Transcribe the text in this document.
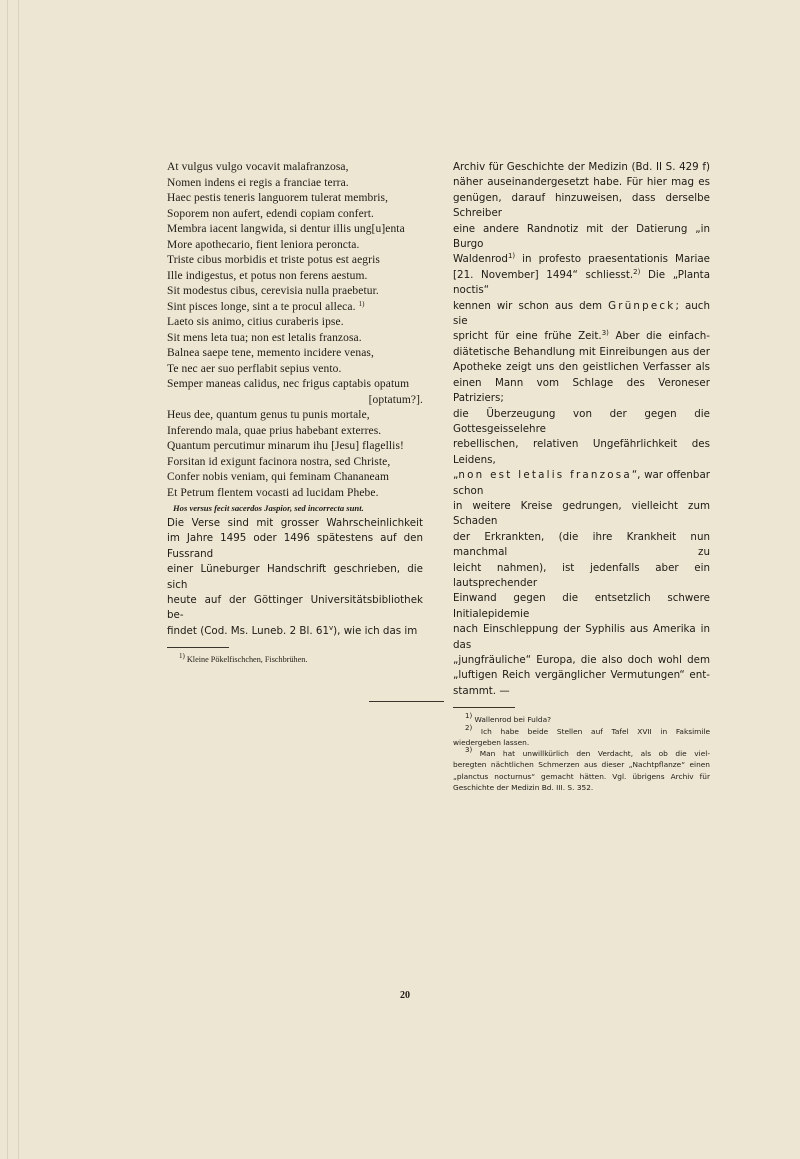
At vulgus vulgo vocavit malafranzosa,
Nomen indens ei regis a franciae terra.
Haec pestis teneris languorem tulerat membris,
Soporem non aufert, edendi copiam confert.
Membra iacent langwida, si dentur illis ung[u]enta
More apothecario, fient leniora peroncta.
Triste cibus morbidis et triste potus est aegris
Ille indigestus, et potus non ferens aestum.
Sit modestus cibus, cerevisia nulla praebetur.
Sint pisces longe, sint a te procul alleca. $^{1)}$
Laeto sis animo, citius curaberis ipse.
Sit mens leta tua; non est letalis franzosa.
Balnea saepe tene, memento incidere venas,
Te nec aer suo perflabit sepius vento.
Semper maneas calidus, nec frigus captabis opatum
[optatum?].
Heus dee, quantum genus tu punis mortale,
Inferendo mala, quae prius habebant exterres.
Quantum percutimur minarum ihu [Jesu] flagellis!
Forsitan id exigunt facinora nostra, sed Christe,
Confer nobis veniam, qui feminam Chananeam
Et Petrum flentem vocasti ad lucidam Phebe.
Hos versus fecit sacerdos Jaspior, sed incorrecta sunt.
Die Verse sind mit grosser Wahrscheinlichkeit
im Jahre 1495 oder 1496 spätestens auf den Fussrand
einer Lüneburger Handschrift geschrieben, die sich
heute auf der Göttinger Universitätsbibliothek be-
findet (Cod. Ms. Luneb. 2 Bl. 61$^v$), wie ich das im
$^{1)}$ Kleine Pökelfischchen, Fischbrühen.
Archiv für Geschichte der Medizin (Bd. II S. 429 f)
näher auseinandergesetzt habe. Für hier mag es
genügen, darauf hinzuweisen, dass derselbe Schreiber
eine andere Randnotiz mit der Datierung „in Burgo
Waldenrod$^{1)}$ in profesto praesentationis Mariae
[21. November] 1494“ schliesst.$^{2)}$ Die „Planta noctis“
kennen wir schon aus dem Grünpeck; auch sie
spricht für eine frühe Zeit.$^{3)}$ Aber die einfach-
diätetische Behandlung mit Einreibungen aus der
Apotheke zeigt uns den geistlichen Verfasser als
einen Mann vom Schlage des Veroneser Patriziers;
die Überzeugung von der gegen die Gottesgeisselehre
rebellischen, relativen Ungefährlichkeit des Leidens,
„non est letalis franzosa“, war offenbar schon
in weitere Kreise gedrungen, vielleicht zum Schaden
der Erkrankten, (die ihre Krankheit nun manchmal zu
leicht nahmen), ist jedenfalls aber ein lautsprechender
Einwand gegen die entsetzlich schwere Initialepidemie
nach Einschleppung der Syphilis aus Amerika in das
„jungfräuliche“ Europa, die also doch wohl dem
„luftigen Reich vergänglicher Vermutungen“ ent-
stammt. —
$^{1)}$ Wallenrod bei Fulda?
$^{2)}$ Ich habe beide Stellen auf Tafel XVII in Faksimile
wiedergeben lassen.
$^{3)}$ Man hat unwillkürlich den Verdacht, als ob die viel-
beregten nächtlichen Schmerzen aus dieser „Nachtpflanze“ einen
„planctus nocturnus“ gemacht hätten. Vgl. übrigens Archiv für
Geschichte der Medizin Bd. III. S. 352.
20
